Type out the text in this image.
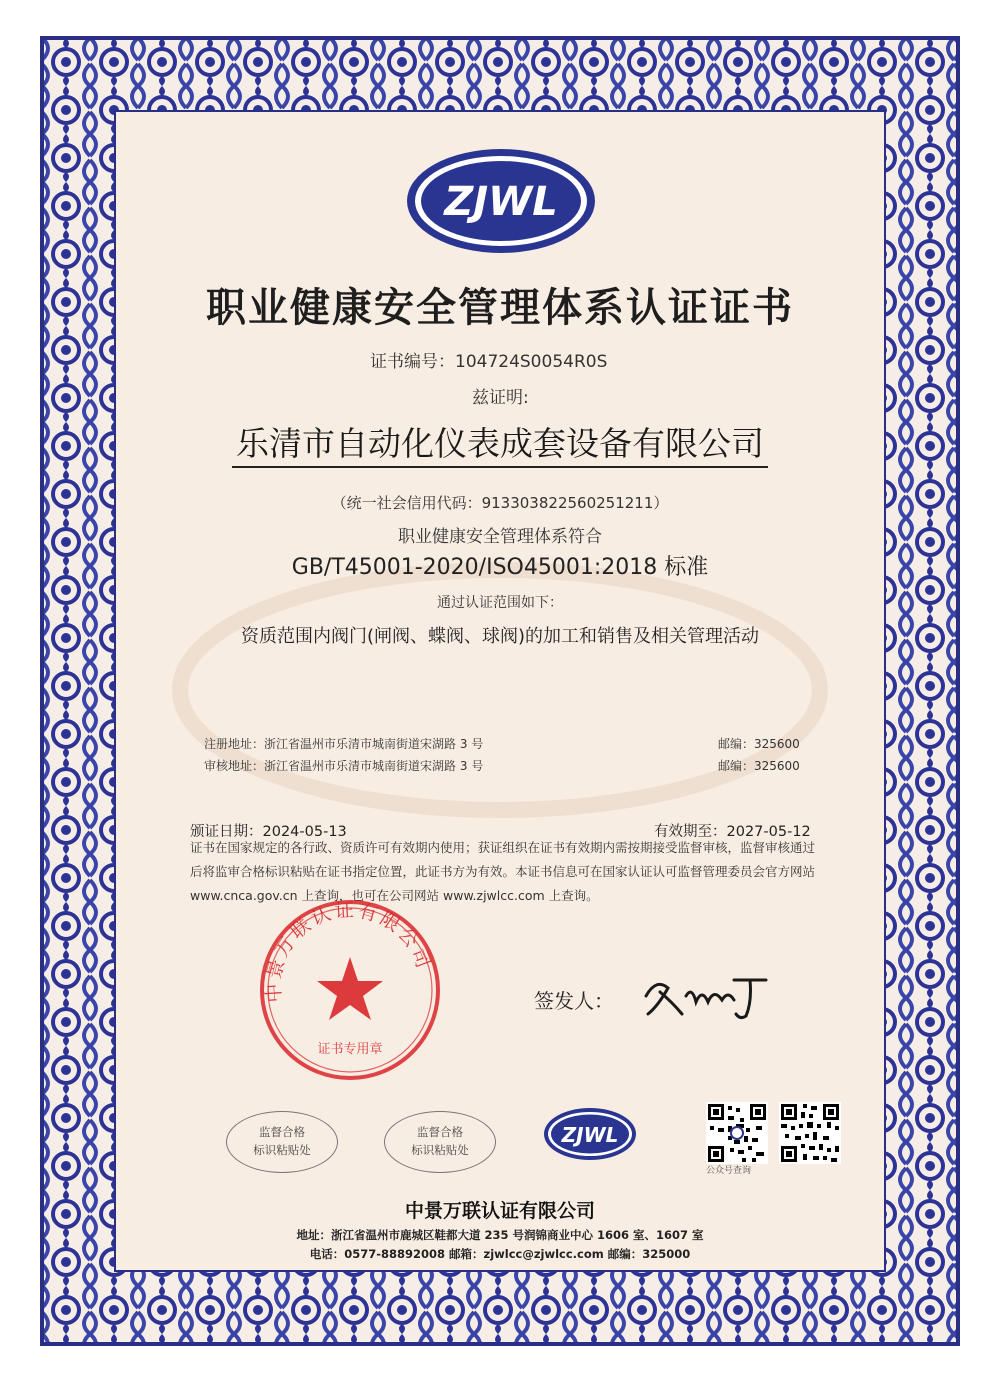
ZJWL
职业健康安全管理体系认证证书
证书编号：104724S0054R0S
兹证明:
乐清市自动化仪表成套设备有限公司
（统一社会信用代码：91330382256025121​1）
职业健康安全管理体系符合
GB/T45001-2020/ISO45001:2018 标准
通过认证范围如下：
资质范围内阀门(闸阀、蝶阀、球阀)的加工和销售及相关管理活动
注册地址：浙江省温州市乐清市城南街道宋湖路 3 号	邮编：325600
审核地址：浙江省温州市乐清市城南街道宋湖路 3 号	邮编：325600
颁证日期：2024-05-13	有效期至：2027-05-12
证书在国家规定的各行政、资质许可有效期内使用；获证组织在证书有效期内需按期接受监督审核，监督审核通过
后将监审合格标识粘贴在证书指定位置，此证书方为有效。本证书信息可在国家认证认可监督管理委员会官方网站
www.cnca.gov.cn 上查询，也可在公司网站 www.zjwlcc.com 上查询。
中景万联认证有限公司
证书专用章
签发人：
监督合格
标识粘贴处
监督合格
标识粘贴处
ZJWL
公众号查询
中景万联认证有限公司
地址：浙江省温州市鹿城区鞋都大道 235 号润锦商业中心 1606 室、1607 室
电话：0577-88892008 邮箱：zjwlcc@zjwlcc.com 邮编：325000
